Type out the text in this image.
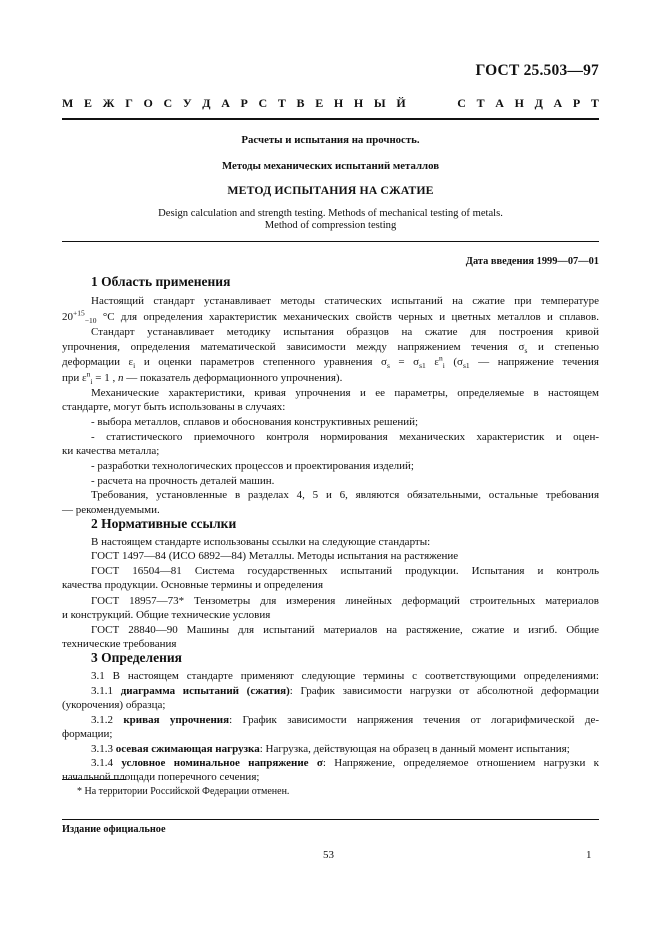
ГОСТ 25.503—97
М Е Ж Г О С У Д А Р С Т В Е Н Н Ы Й

	С Т А Н Д А Р Т
Расчеты и испытания на прочность.
Методы механических испытаний металлов
МЕТОД ИСПЫТАНИЯ НА СЖАТИЕ
Design calculation and strength testing. Methods of mechanical testing of metals.
Method of compression testing
Дата введения 1999—07—01
1 Область применения
Настоящий стандарт устанавливает методы статических испытаний на сжатие при температуре
$20^{+15}_{-10}$ °С для определения характеристик механических свойств черных и цветных металлов и сплавов.
Стандарт устанавливает методику испытания образцов на сжатие для построения кривой
упрочнения, определения математической зависимости между напряжением течения $\sigma_s$ и степенью
деформации $\varepsilon_i$ и оценки параметров степенного уравнения $\sigma_s = \sigma_{s1}$ $\varepsilon^n_i$ ($\sigma_{s1}$ — напряжение течения
при $\varepsilon^n_i = 1$ , n — показатель деформационного упрочнения).
Механические характеристики, кривая упрочнения и ее параметры, определяемые в настоящем
стандарте, могут быть использованы в случаях:
- выбора металлов, сплавов и обоснования конструктивных решений;
- статистического приемочного контроля нормирования механических характеристик и оцен-
ки качества металла;
- разработки технологических процессов и проектирования изделий;
- расчета на прочность деталей машин.
Требования, установленные в разделах 4, 5 и 6, являются обязательными, остальные требования
— рекомендуемыми.
2 Нормативные ссылки
В настоящем стандарте использованы ссылки на следующие стандарты:
ГОСТ 1497—84 (ИСО 6892—84) Металлы. Методы испытания на растяжение
ГОСТ 16504—81 Система государственных испытаний продукции. Испытания и контроль
качества продукции. Основные термины и определения
ГОСТ 18957—73* Тензометры для измерения линейных деформаций строительных материалов
и конструкций. Общие технические условия
ГОСТ 28840—90 Машины для испытаний материалов на растяжение, сжатие и изгиб. Общие
технические требования
3 Определения
3.1 В настоящем стандарте применяют следующие термины с соответствующими определениями:
3.1.1 диаграмма испытаний (сжатия): График зависимости нагрузки от абсолютной деформации
(укорочения) образца;
3.1.2 кривая упрочнения: График зависимости напряжения течения от логарифмической де-
формации;
3.1.3 осевая сжимающая нагрузка: Нагрузка, действующая на образец в данный момент испытания;
3.1.4 условное номинальное напряжение σ: Напряжение, определяемое отношением нагрузки к
начальной площади поперечного сечения;
* На территории Российской Федерации отменен.
Издание официальное
53	1
